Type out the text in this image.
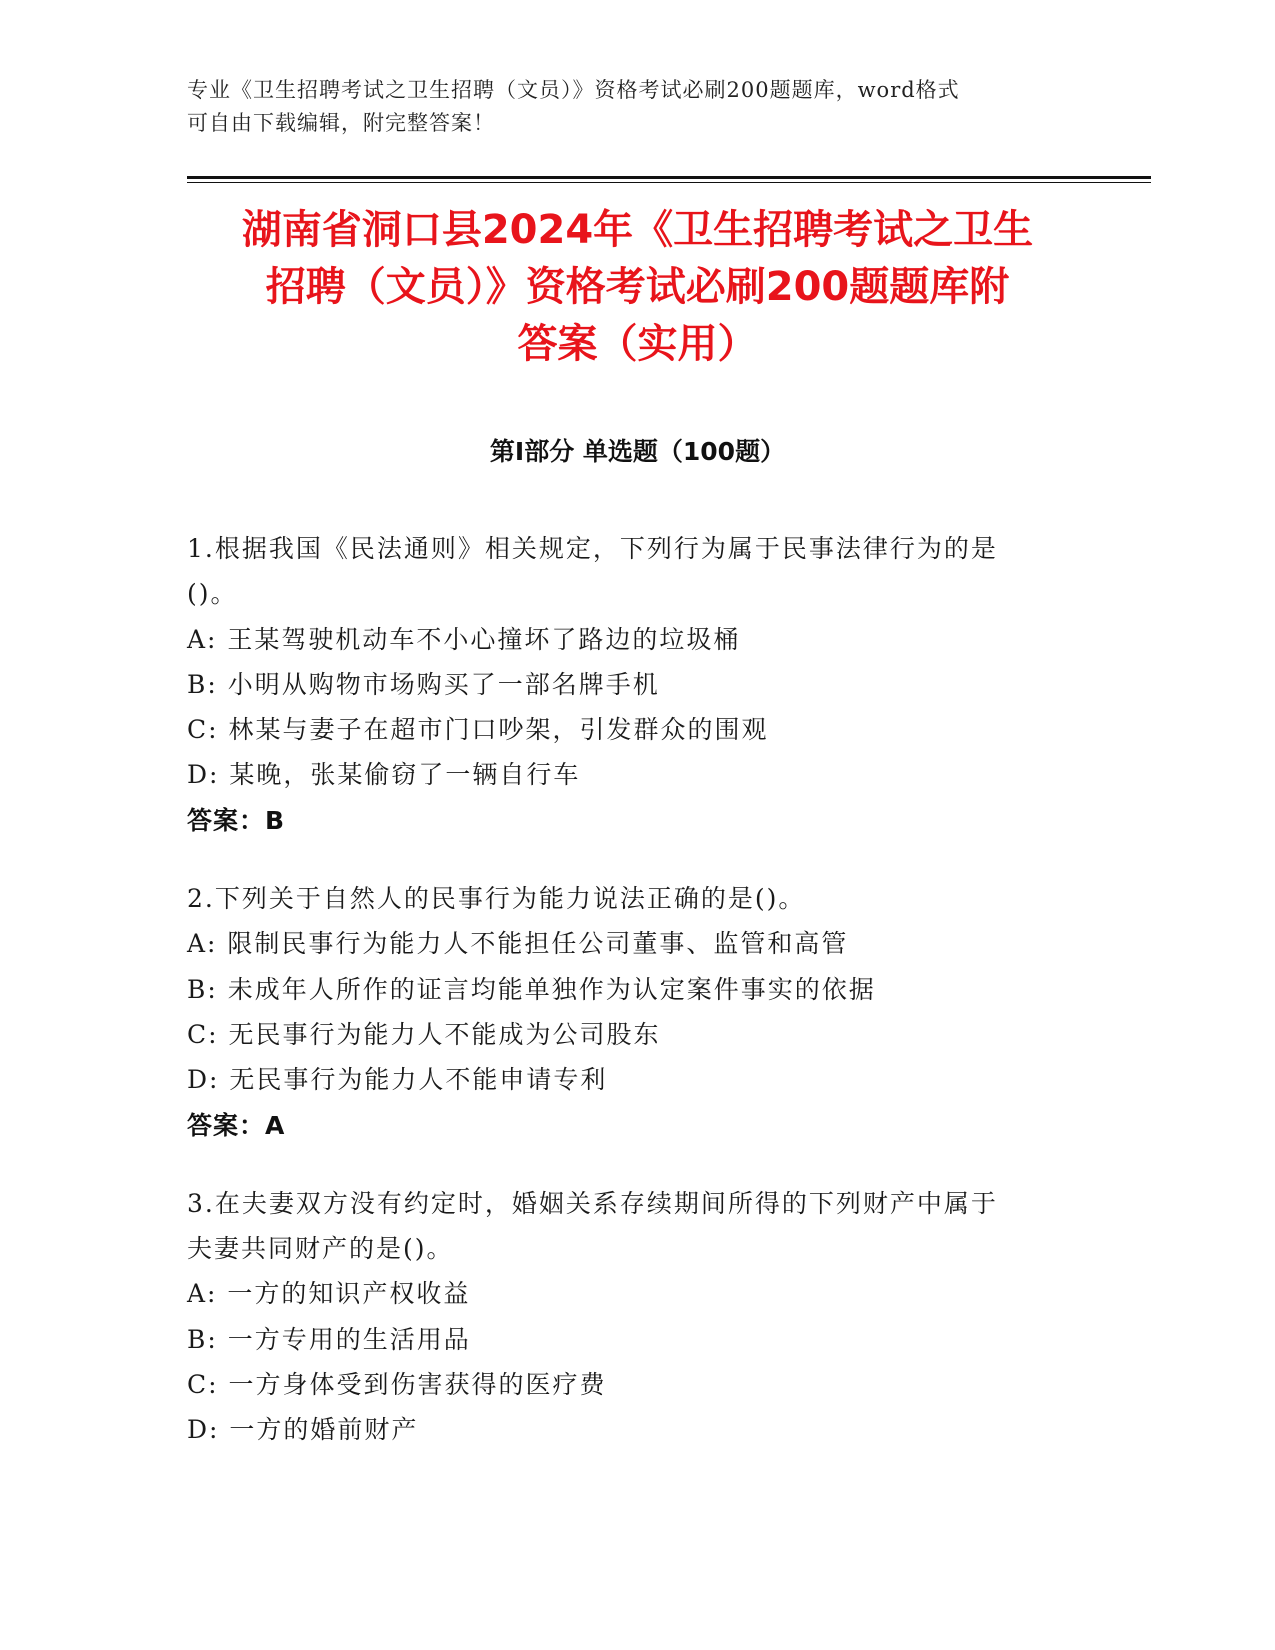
专业《卫生招聘考试之卫生招聘（文员）》资格考试必刷200题题库，word格式
可自由下载编辑，附完整答案！
湖南省洞口县2024年《卫生招聘考试之卫生
招聘（文员）》资格考试必刷200题题库附
答案（实用）
第Ⅰ部分 单选题（100题）
1.根据我国《民法通则》相关规定，下列行为属于民事法律行为的是
()。
A: 王某驾驶机动车不小心撞坏了路边的垃圾桶
B: 小明从购物市场购买了一部名牌手机
C: 林某与妻子在超市门口吵架，引发群众的围观
D: 某晚，张某偷窃了一辆自行车
答案：B
2.下列关于自然人的民事行为能力说法正确的是()。
A: 限制民事行为能力人不能担任公司董事、监管和高管
B: 未成年人所作的证言均能单独作为认定案件事实的依据
C: 无民事行为能力人不能成为公司股东
D: 无民事行为能力人不能申请专利
答案：A
3.在夫妻双方没有约定时，婚姻关系存续期间所得的下列财产中属于
夫妻共同财产的是()。
A: 一方的知识产权收益
B: 一方专用的生活用品
C: 一方身体受到伤害获得的医疗费
D: 一方的婚前财产
